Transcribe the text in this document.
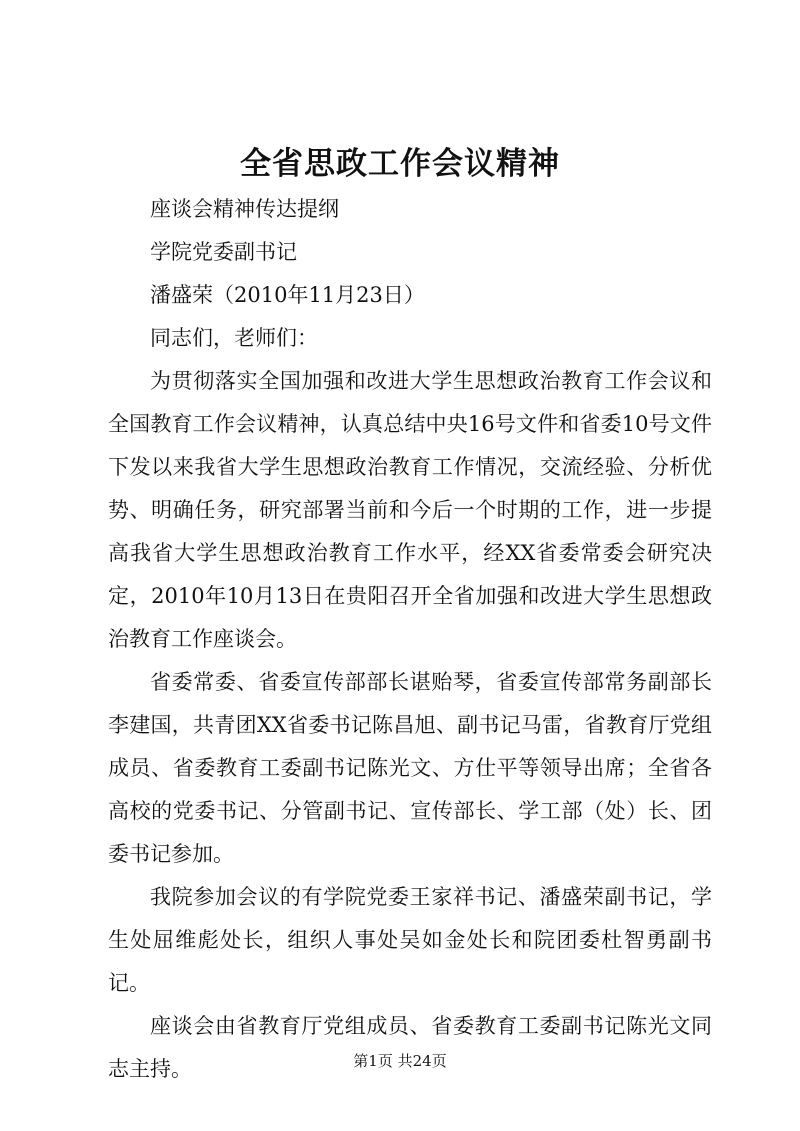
全省思政工作会议精神

座谈会精神传达提纲

学院党委副书记

潘盛荣（2010年11月23日）

同志们，老师们：

为贯彻落实全国加强和改进大学生思想政治教育工作会议和全国教育工作会议精神，认真总结中央16号文件和省委10号文件下发以来我省大学生思想政治教育工作情况，交流经验、分析优势、明确任务，研究部署当前和今后一个时期的工作，进一步提高我省大学生思想政治教育工作水平，经XX省委常委会研究决定，2010年10月13日在贵阳召开全省加强和改进大学生思想政治教育工作座谈会。

省委常委、省委宣传部部长谌贻琴，省委宣传部常务副部长李建国，共青团XX省委书记陈昌旭、副书记马雷，省教育厅党组成员、省委教育工委副书记陈光文、方仕平等领导出席；全省各高校的党委书记、分管副书记、宣传部长、学工部（处）长、团委书记参加。

我院参加会议的有学院党委王家祥书记、潘盛荣副书记，学生处屈维彪处长，组织人事处吴如金处长和院团委杜智勇副书记。

座谈会由省教育厅党组成员、省委教育工委副书记陈光文同志主持。	第1页 共24页
